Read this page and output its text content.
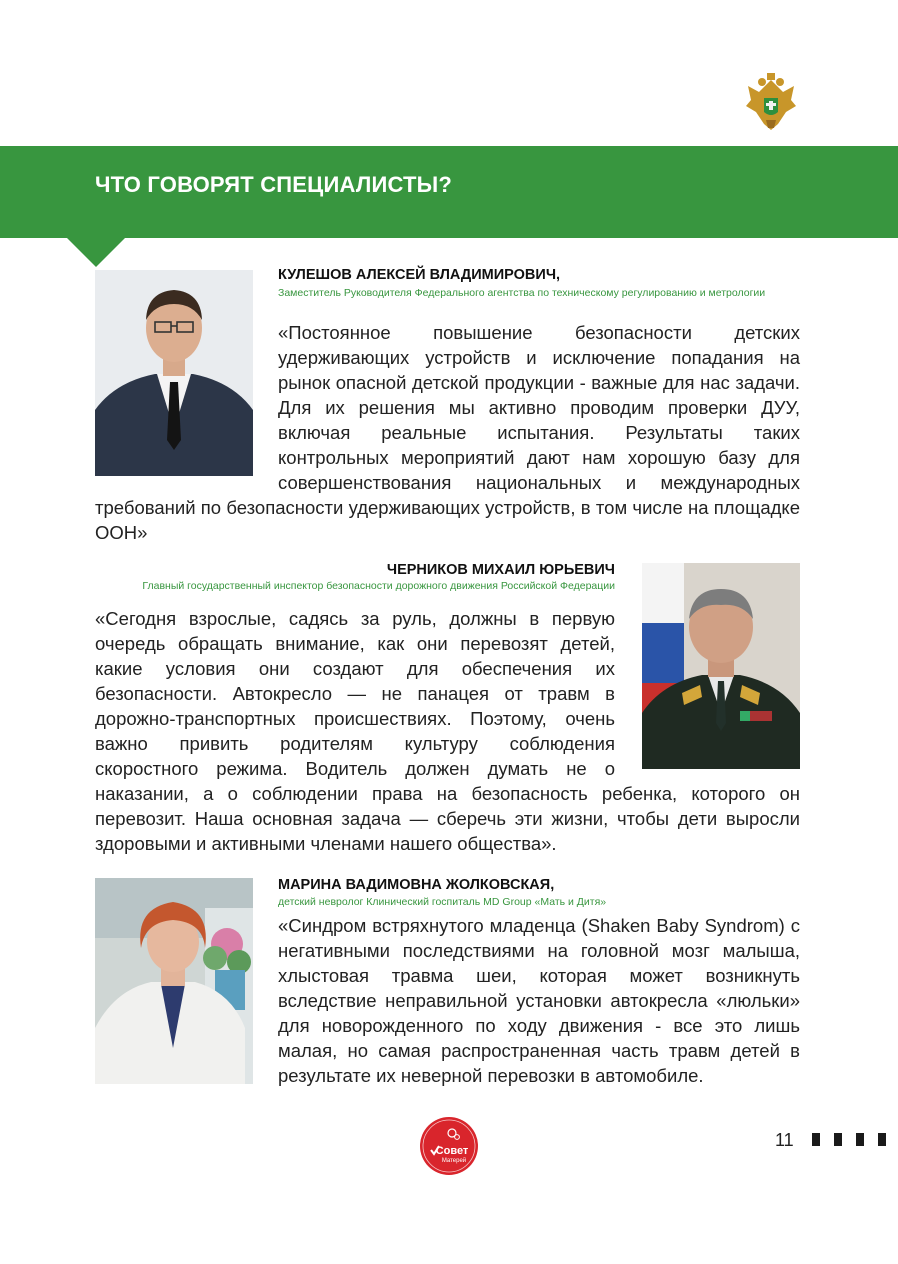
ЧТО ГОВОРЯТ СПЕЦИАЛИСТЫ?

КУЛЕШОВ АЛЕКСЕЙ ВЛАДИМИРОВИЧ,

Заместитель Руководителя Федерального агентства по техническому регулированию и метрологии

«Постоянное повышение безопасности детских удерживающих устройств и исключение попадания на рынок опасной детской продукции - важные для нас задачи. Для их решения мы активно проводим проверки ДУУ, включая реальные испытания. Результаты таких контрольных мероприятий дают нам хорошую базу для совершенствования национальных и международных требований по безопасности удерживающих устройств, в том числе на площадке ООН»

ЧЕРНИКОВ МИХАИЛ ЮРЬЕВИЧ

Главный государственный инспектор безопасности дорожного движения Российской Федерации

«Сегодня взрослые, садясь за руль, должны в первую очередь обращать внимание, как они перевозят детей, какие условия они создают для обеспечения их безопасности. Автокресло — не панацея от травм в дорожно-транспортных происшествиях. Поэтому, очень важно привить родителям культуру соблюдения скоростного режима. Водитель должен думать не о наказании, а о соблюдении права на безопасность ребенка, которого он перевозит. Наша основная задача — сберечь эти жизни, чтобы дети выросли здоровыми и активными членами нашего общества».

МАРИНА ВАДИМОВНА ЖОЛКОВСКАЯ,

детский невролог Клинический госпиталь MD Group «Мать и Дитя»

«Синдром встряхнутого младенца (Shaken Baby Syndrom) с негативными последствиями на головной мозг малыша, хлыстовая травма шеи, которая может возникнуть вследствие неправильной установки автокресла «люльки» для новорожденного по ходу движения - все это лишь малая, но самая распространенная часть травм детей в результате их неверной перевозки в автомобиле.

Совет
Матерей

11
